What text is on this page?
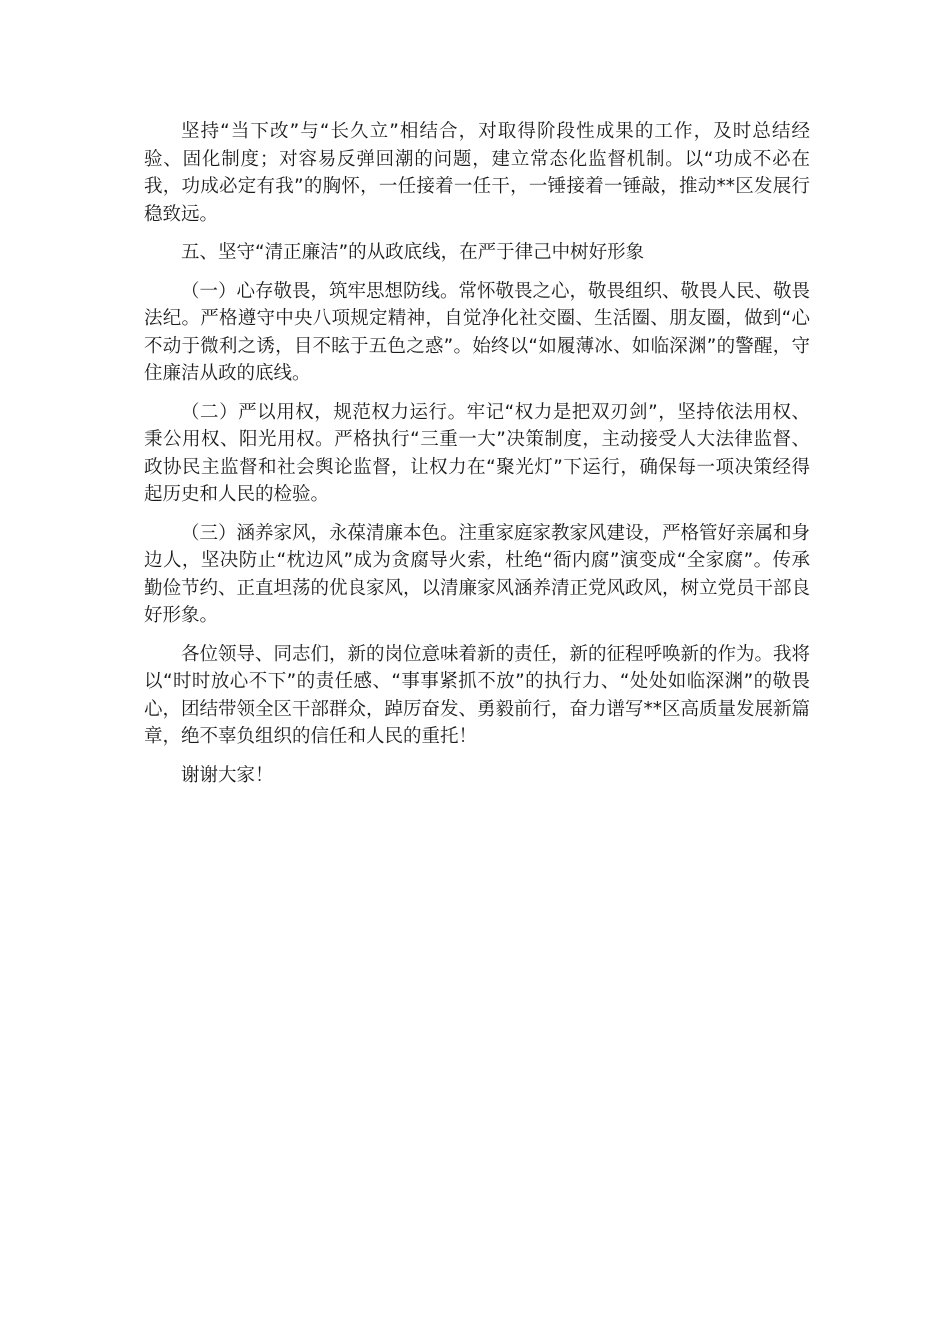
坚持“当下改”与“长久立”相结合，对取得阶段性成果的工作，及时总结经验、固化制度；对容易反弹回潮的问题，建立常态化监督机制。以“功成不必在我，功成必定有我”的胸怀，一任接着一任干，一锤接着一锤敲，推动**区发展行稳致远。

五、坚守“清正廉洁”的从政底线，在严于律己中树好形象

（一）心存敬畏，筑牢思想防线。常怀敬畏之心，敬畏组织、敬畏人民、敬畏法纪。严格遵守中央八项规定精神，自觉净化社交圈、生活圈、朋友圈，做到“心不动于微利之诱，目不眩于五色之惑”。始终以“如履薄冰、如临深渊”的警醒，守住廉洁从政的底线。

（二）严以用权，规范权力运行。牢记“权力是把双刃剑”，坚持依法用权、秉公用权、阳光用权。严格执行“三重一大”决策制度，主动接受人大法律监督、政协民主监督和社会舆论监督，让权力在“聚光灯”下运行，确保每一项决策经得起历史和人民的检验。

（三）涵养家风，永葆清廉本色。注重家庭家教家风建设，严格管好亲属和身边人，坚决防止“枕边风”成为贪腐导火索，杜绝“衙内腐”演变成“全家腐”。传承勤俭节约、正直坦荡的优良家风，以清廉家风涵养清正党风政风，树立党员干部良好形象。

各位领导、同志们，新的岗位意味着新的责任，新的征程呼唤新的作为。我将以“时时放心不下”的责任感、“事事紧抓不放”的执行力、“处处如临深渊”的敬畏心，团结带领全区干部群众，踔厉奋发、勇毅前行，奋力谱写**区高质量发展新篇章，绝不辜负组织的信任和人民的重托！

谢谢大家！
